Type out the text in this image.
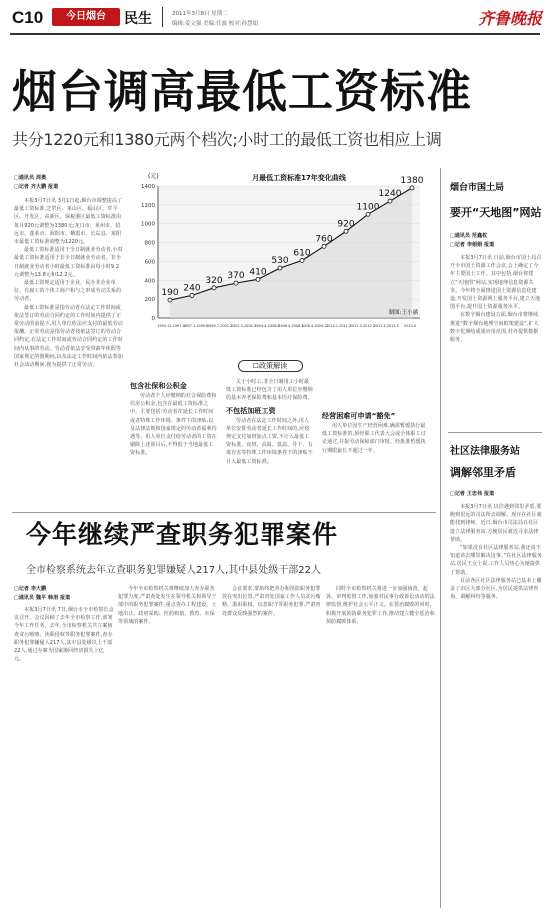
C10	今日烟台	民生	2011年3月8日 星期二
编辑:姜文强 美编:任波 校对:孙慧娟	齐鲁晚报
烟台调高最低工资标准
共分1220元和1380元两个档次;小时工的最低工资也相应上调
□通讯员 周奥
□记者 齐大鹏 报道

本报3月7日讯 3月1日起,烟台市调整提高了最低工资标准,芝罘区、莱山区、福山区、牟平区、开发区、高新区、保税港区最低工资标准由每月920元调整为1380元;龙口市、莱州市、招远市、蓬莱市、海阳市、栖霞市、长岛县、莱阳市最低工资标准调整为1220元。

最低工资标准适用于全日制就业劳动者,小时最低工资标准适用于非全日制就业劳动者。非全日制就业劳动者小时最低工资标准由每小时9.2元调整为13.8元和12.2元。

最低工资规定适用于企业、民办非企业单位、有雇工的个体工商户和与之形成劳动关系的劳动者。

最低工资标准是指劳动者在法定工作时间或依法签订的劳动合同约定的工作时间内提供了正常劳动的前提下,用人单位依法应支付的最低劳动报酬。正常劳动是指劳动者按依法签订的劳动合同约定,在法定工作时间或劳动合同约定的工作时间内从事的劳动。劳动者依法享受带薪年休假等国家规定的假期间,以及法定工作时间内依法参加社会活动期间,视为提供了正常劳动。

0
200
400
600
800
1000
1200
1400
(元)	月最低工资标准17年变化曲线
190 240
320 370 410
530
610
760
920
1100
1240
1380
1993.12-1997.12
1997.1-1999.6
1999.7-2002.2
2002.3-2004.3
2004.4-2006.8
2006.9-2008.3
2008.4-2009.12
2010.1-2011.2
2011.3-2012.2
2012.3-2013.3 2013.4
制图:王小涵
包含社保和公积金

劳动者个人应缴纳的社会保险费和住房公积金,包含在最低工资标准之中。主要包括:劳动者在延长工作时间或者特殊工作环境、条件下的津贴,以及法律法规和国家规定的劳动者福利待遇等。用人单位支付给劳动者的工资在剔除上述项目后,不得低于当地最低工资标准。

☐政策解读

关于小时工,非全日制用工小时最低工资标准已经包含了用人单位应缴纳的基本养老保险费和基本医疗保险费。

不包括加班工资

劳动者在法定工作时间之外,用人单位安排劳动者延长工作时间的,应按规定支付加班加点工资,不计入最低工资标准。夜班、高温、低温、井下、有毒有害等特殊工作环境条件下的津贴不计入最低工资标准。

经营困难可申请“豁免”

用人单位因生产经营困难,确需暂缓执行最低工资标准的,须经职工代表大会或全体职工讨论通过,并报劳动保障部门审批。经批准暂缓执行期限最长不超过一年。

烟台市国土局
要开“天地图”网站
□通讯员 范鑫枚
□记者 李娟娟 报道

本报3月7日讯 日前,烟台市国土局召开全市国土资源工作会议,会上确定了今年主要国土工作。其中包括,烟台将建立“天地图”网站,实现地理信息资源共享。今年将全面推进国土资源信息化建设,开发国土资源网上服务平台,建立天地图平台,提升国土资源服务水平。

在数字烟台建设方面,烟台市将继续推进“数字烟台地理空间框架建设”,扩大数字化测绘成果应用范围,对外提供数据服务。

社区法律服务站
调解邻里矛盾
□记者 王忠伟 报道

本报3月7日讯 以往遇到邻里矛盾,要跑到很远的司法所去调解。现在在社区就能找到律师。近日,烟台市司法局在社区设立法律服务站,方便居民就近寻求法律帮助。

“如果没有社区法律服务站,我还真不知道该去哪里解决这事。”在社区法律服务站,居民王女士说,工作人员热心为她提供了帮助。

目前各区社区法律服务站已基本上覆盖了市区大部分社区,为居民提供法律咨询、调解纠纷等服务。

今年继续严查职务犯罪案件
全市检察系统去年立查职务犯罪嫌疑人217人,其中县处级干部22人
□记者 李大鹏
□通讯员 魏平 韩涓 报道

本报3月7日讯 7日,烟台市全市检察长会议召开。会议回顾了去年全市检察工作,部署今年工作任务。去年,全市检察机关共立案侦查贪污贿赂、渎职侵权等职务犯罪案件,查办职务犯罪嫌疑人217人,其中县处级以上干部22人,通过办案为国家挽回经济损失上亿元。

今年全市检察机关将继续加大查办职务犯罪力度,严肃查处发生在领导机关和领导干部中的职务犯罪案件,重点查办工程建设、土地出让、政府采购、医药购销、教育、社保等领域的案件。

会议要求,要始终把查办和预防职务犯罪放在突出位置,严肃查处国家工作人员贪污贿赂、滥用职权、玩忽职守等职务犯罪,严肃查处群众反映强烈的案件。

同时全市检察机关将进一步加强侦查、起诉、审判监督工作,加强对民事行政诉讼活动的法律监督,维护社会公平正义。在惩治腐败的同时,积极开展预防职务犯罪工作,推动建立健全惩治和预防腐败体系。
